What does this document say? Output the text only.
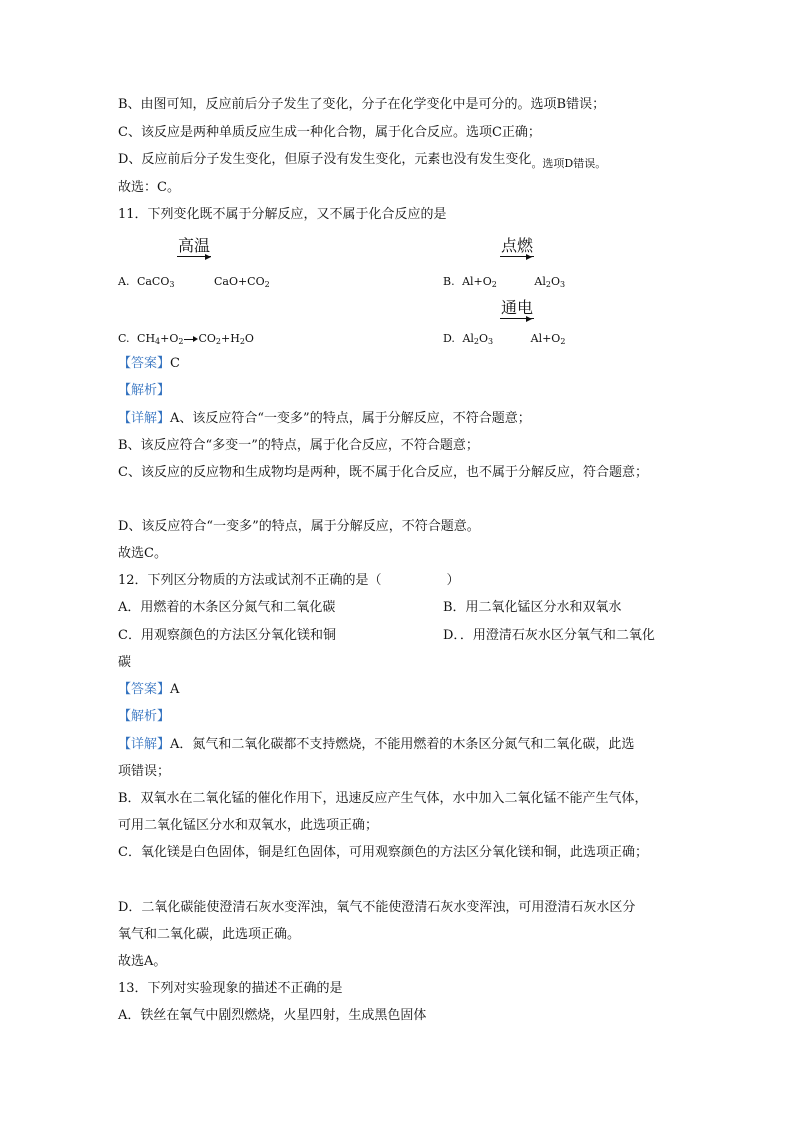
B、由图可知，反应前后分子发生了变化，分子在化学变化中是可分的。选项B错误；
C、该反应是两种单质反应生成一种化合物，属于化合反应。选项C正确；
D、反应前后分子发生变化，但原子没有发生变化，元素也没有发生变化$_{。选项D错误。}$
故选：C。
11．下列变化既不属于分解反应，又不属于化合反应的是
高温	点燃
A. CaCO$_3$	$CaO+CO_2$	B. $Al+O_2$	$Al_2O_3$
通电
C. $CH_4+O_2$ $CO_2+H_2O$	D. $Al_2O_3$	$Al+O_2$
【答案】C
【解析】
【详解】A、该反应符合“一变多”的特点，属于分解反应，不符合题意；
B、该反应符合“多变一”的特点，属于化合反应，不符合题意；
C、该反应的反应物和生成物均是两种，既不属于化合反应，也不属于分解反应，符合题意；
D、该反应符合“一变多”的特点，属于分解反应，不符合题意。
故选C。
12．下列区分物质的方法或试剂不正确的是（　　　　　）
A．用燃着的木条区分氮气和二氧化碳	B．用二氧化锰区分水和双氧水
C．用观察颜色的方法区分氧化镁和铜	D．．用澄清石灰水区分氧气和二氧化
碳
【答案】A
【解析】
【详解】A．氮气和二氧化碳都不支持燃烧，不能用燃着的木条区分氮气和二氧化碳，此选
项错误；
B．双氧水在二氧化锰的催化作用下，迅速反应产生气体，水中加入二氧化锰不能产生气体，
可用二氧化锰区分水和双氧水，此选项正确；
C．氧化镁是白色固体，铜是红色固体，可用观察颜色的方法区分氧化镁和铜，此选项正确；
D．二氧化碳能使澄清石灰水变浑浊，氧气不能使澄清石灰水变浑浊，可用澄清石灰水区分
氧气和二氧化碳，此选项正确。
故选A。
13．下列对实验现象的描述不正确的是
A．铁丝在氧气中剧烈燃烧，火星四射，生成黑色固体
